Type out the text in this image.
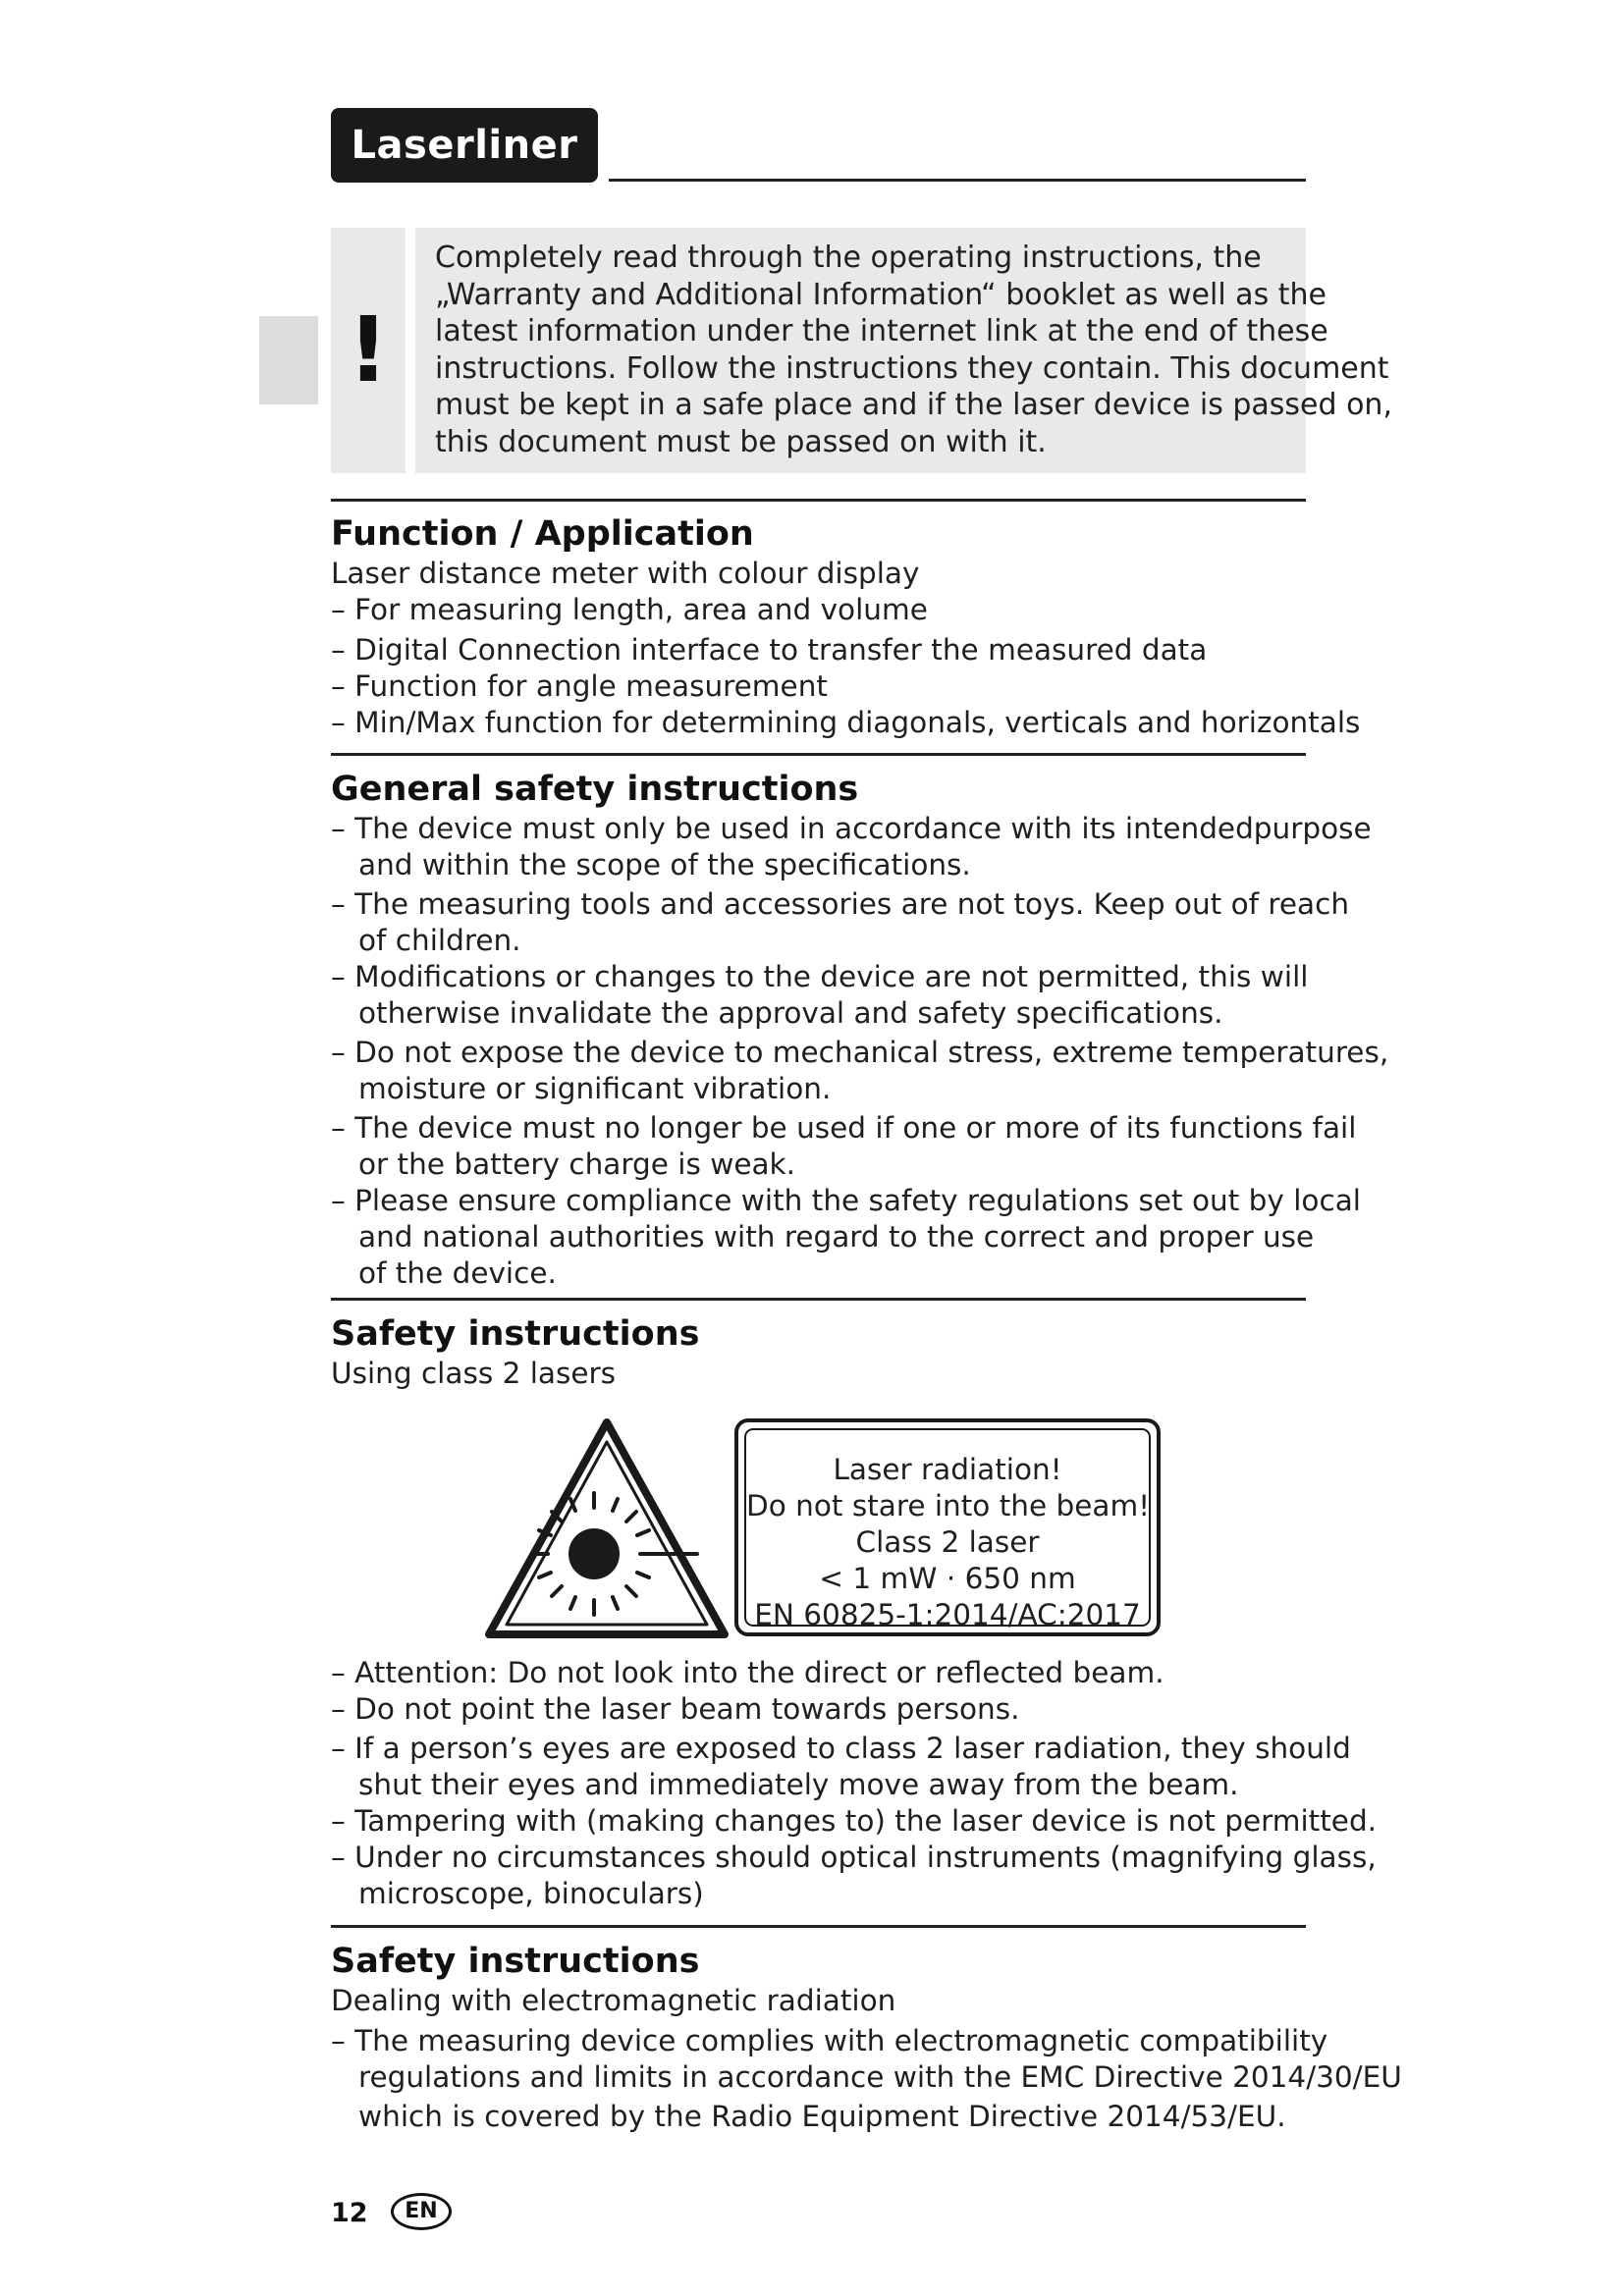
Laserliner
!
Completely read through the operating instructions, the
„Warranty and Additional Information“ booklet as well as the
latest information under the internet link at the end of these
instructions. Follow the instructions they contain. This document
must be kept in a safe place and if the laser device is passed on,
this document must be passed on with it.
Function / Application
Laser distance meter with colour display
– For measuring length, area and volume
– Digital Connection interface to transfer the measured data
– Function for angle measurement
– Min/Max function for determining diagonals, verticals and horizontals
General safety instructions
– The device must only be used in accordance with its intendedpurpose
and within the scope of the specifications.
– The measuring tools and accessories are not toys. Keep out of reach
of children.
– Modifications or changes to the device are not permitted, this will
otherwise invalidate the approval and safety specifications.
– Do not expose the device to mechanical stress, extreme temperatures,
moisture or significant vibration.
– The device must no longer be used if one or more of its functions fail
or the battery charge is weak.
– Please ensure compliance with the safety regulations set out by local
and national authorities with regard to the correct and proper use
of the device.
Safety instructions
Using class 2 lasers
Laser radiation!
Do not stare into the beam!
Class 2 laser
< 1 mW · 650 nm
EN 60825-1:2014/AC:2017
– Attention: Do not look into the direct or reflected beam.
– Do not point the laser beam towards persons.
– If a person’s eyes are exposed to class 2 laser radiation, they should
shut their eyes and immediately move away from the beam.
– Tampering with (making changes to) the laser device is not permitted.
– Under no circumstances should optical instruments (magnifying glass,
microscope, binoculars)
Safety instructions
Dealing with electromagnetic radiation
– The measuring device complies with electromagnetic compatibility
regulations and limits in accordance with the EMC Directive 2014/30/EU
which is covered by the Radio Equipment Directive 2014/53/EU.
12	EN
